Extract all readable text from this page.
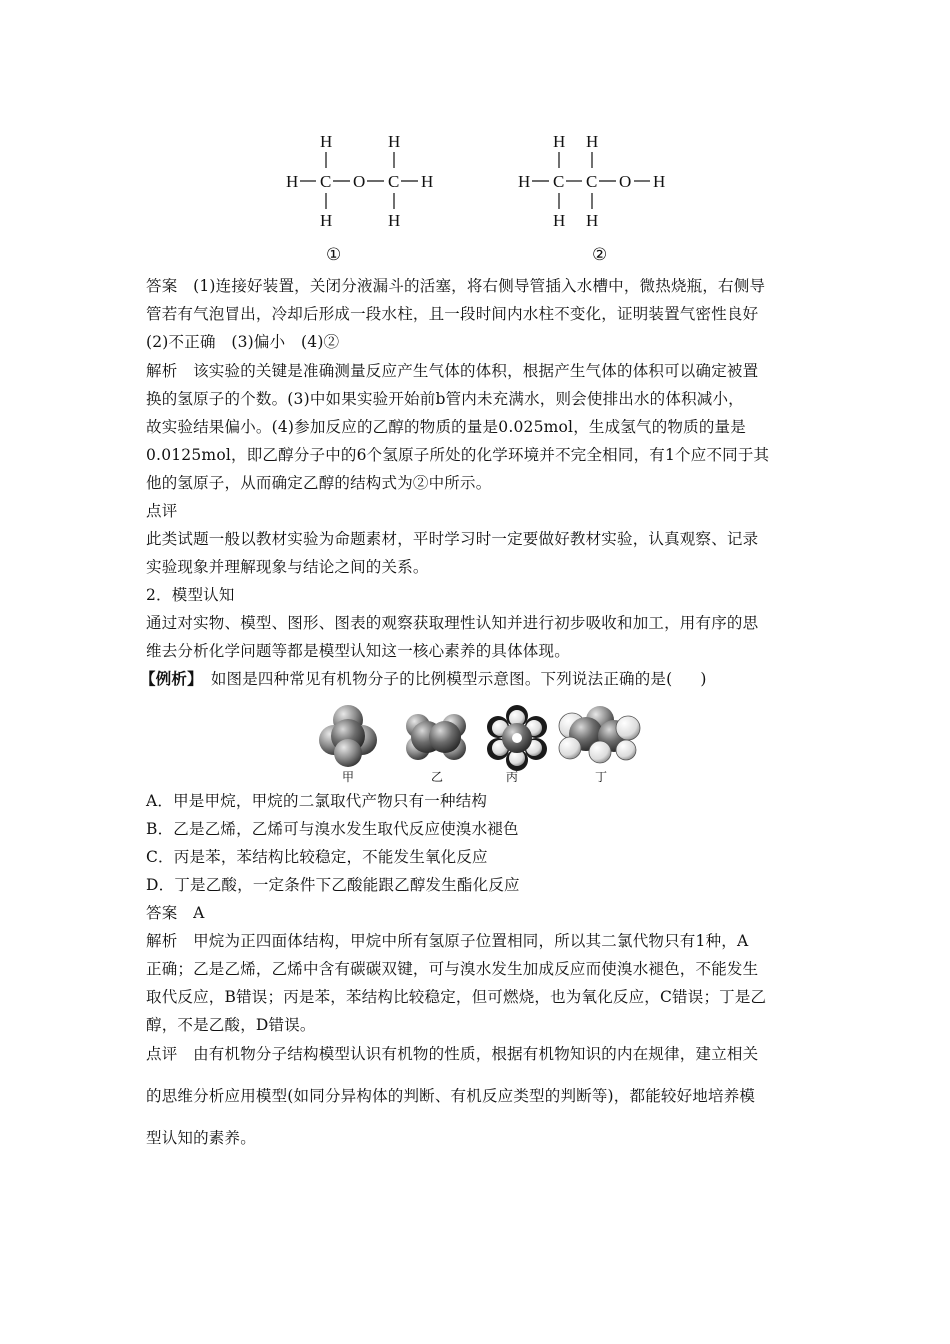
H	H
H C O C H
H	H
①
H H
H C C O H
H H
②
答案　(1)连接好装置，关闭分液漏斗的活塞，将右侧导管插入水槽中，微热烧瓶，右侧导
管若有气泡冒出，冷却后形成一段水柱，且一段时间内水柱不变化，证明装置气密性良好
(2)不正确　(3)偏小　(4)②
解析　该实验的关键是准确测量反应产生气体的体积，根据产生气体的体积可以确定被置
换的氢原子的个数。(3)中如果实验开始前b管内未充满水，则会使排出水的体积减小，
故实验结果偏小。(4)参加反应的乙醇的物质的量是0.025mol，生成氢气的物质的量是
0.0125mol，即乙醇分子中的6个氢原子所处的化学环境并不完全相同，有1个应不同于其
他的氢原子，从而确定乙醇的结构式为②中所示。
点评
此类试题一般以教材实验为命题素材，平时学习时一定要做好教材实验，认真观察、记录
实验现象并理解现象与结论之间的关系。
2．模型认知
通过对实物、模型、图形、图表的观察获取理性认知并进行初步吸收和加工，用有序的思
维去分析化学问题等都是模型认知这一核心素养的具体体现。
【例析】 如图是四种常见有机物分子的比例模型示意图。下列说法正确的是( )
甲	乙	丙	丁
A．甲是甲烷，甲烷的二氯取代产物只有一种结构
B．乙是乙烯，乙烯可与溴水发生取代反应使溴水褪色
C．丙是苯，苯结构比较稳定，不能发生氧化反应
D．丁是乙酸，一定条件下乙酸能跟乙醇发生酯化反应
答案　A
解析　甲烷为正四面体结构，甲烷中所有氢原子位置相同，所以其二氯代物只有1种，A
正确；乙是乙烯，乙烯中含有碳碳双键，可与溴水发生加成反应而使溴水褪色，不能发生
取代反应，B错误；丙是苯，苯结构比较稳定，但可燃烧，也为氧化反应，C错误；丁是乙
醇，不是乙酸，D错误。
点评　由有机物分子结构模型认识有机物的性质，根据有机物知识的内在规律，建立相关
的思维分析应用模型(如同分异构体的判断、有机反应类型的判断等)，都能较好地培养模
型认知的素养。
